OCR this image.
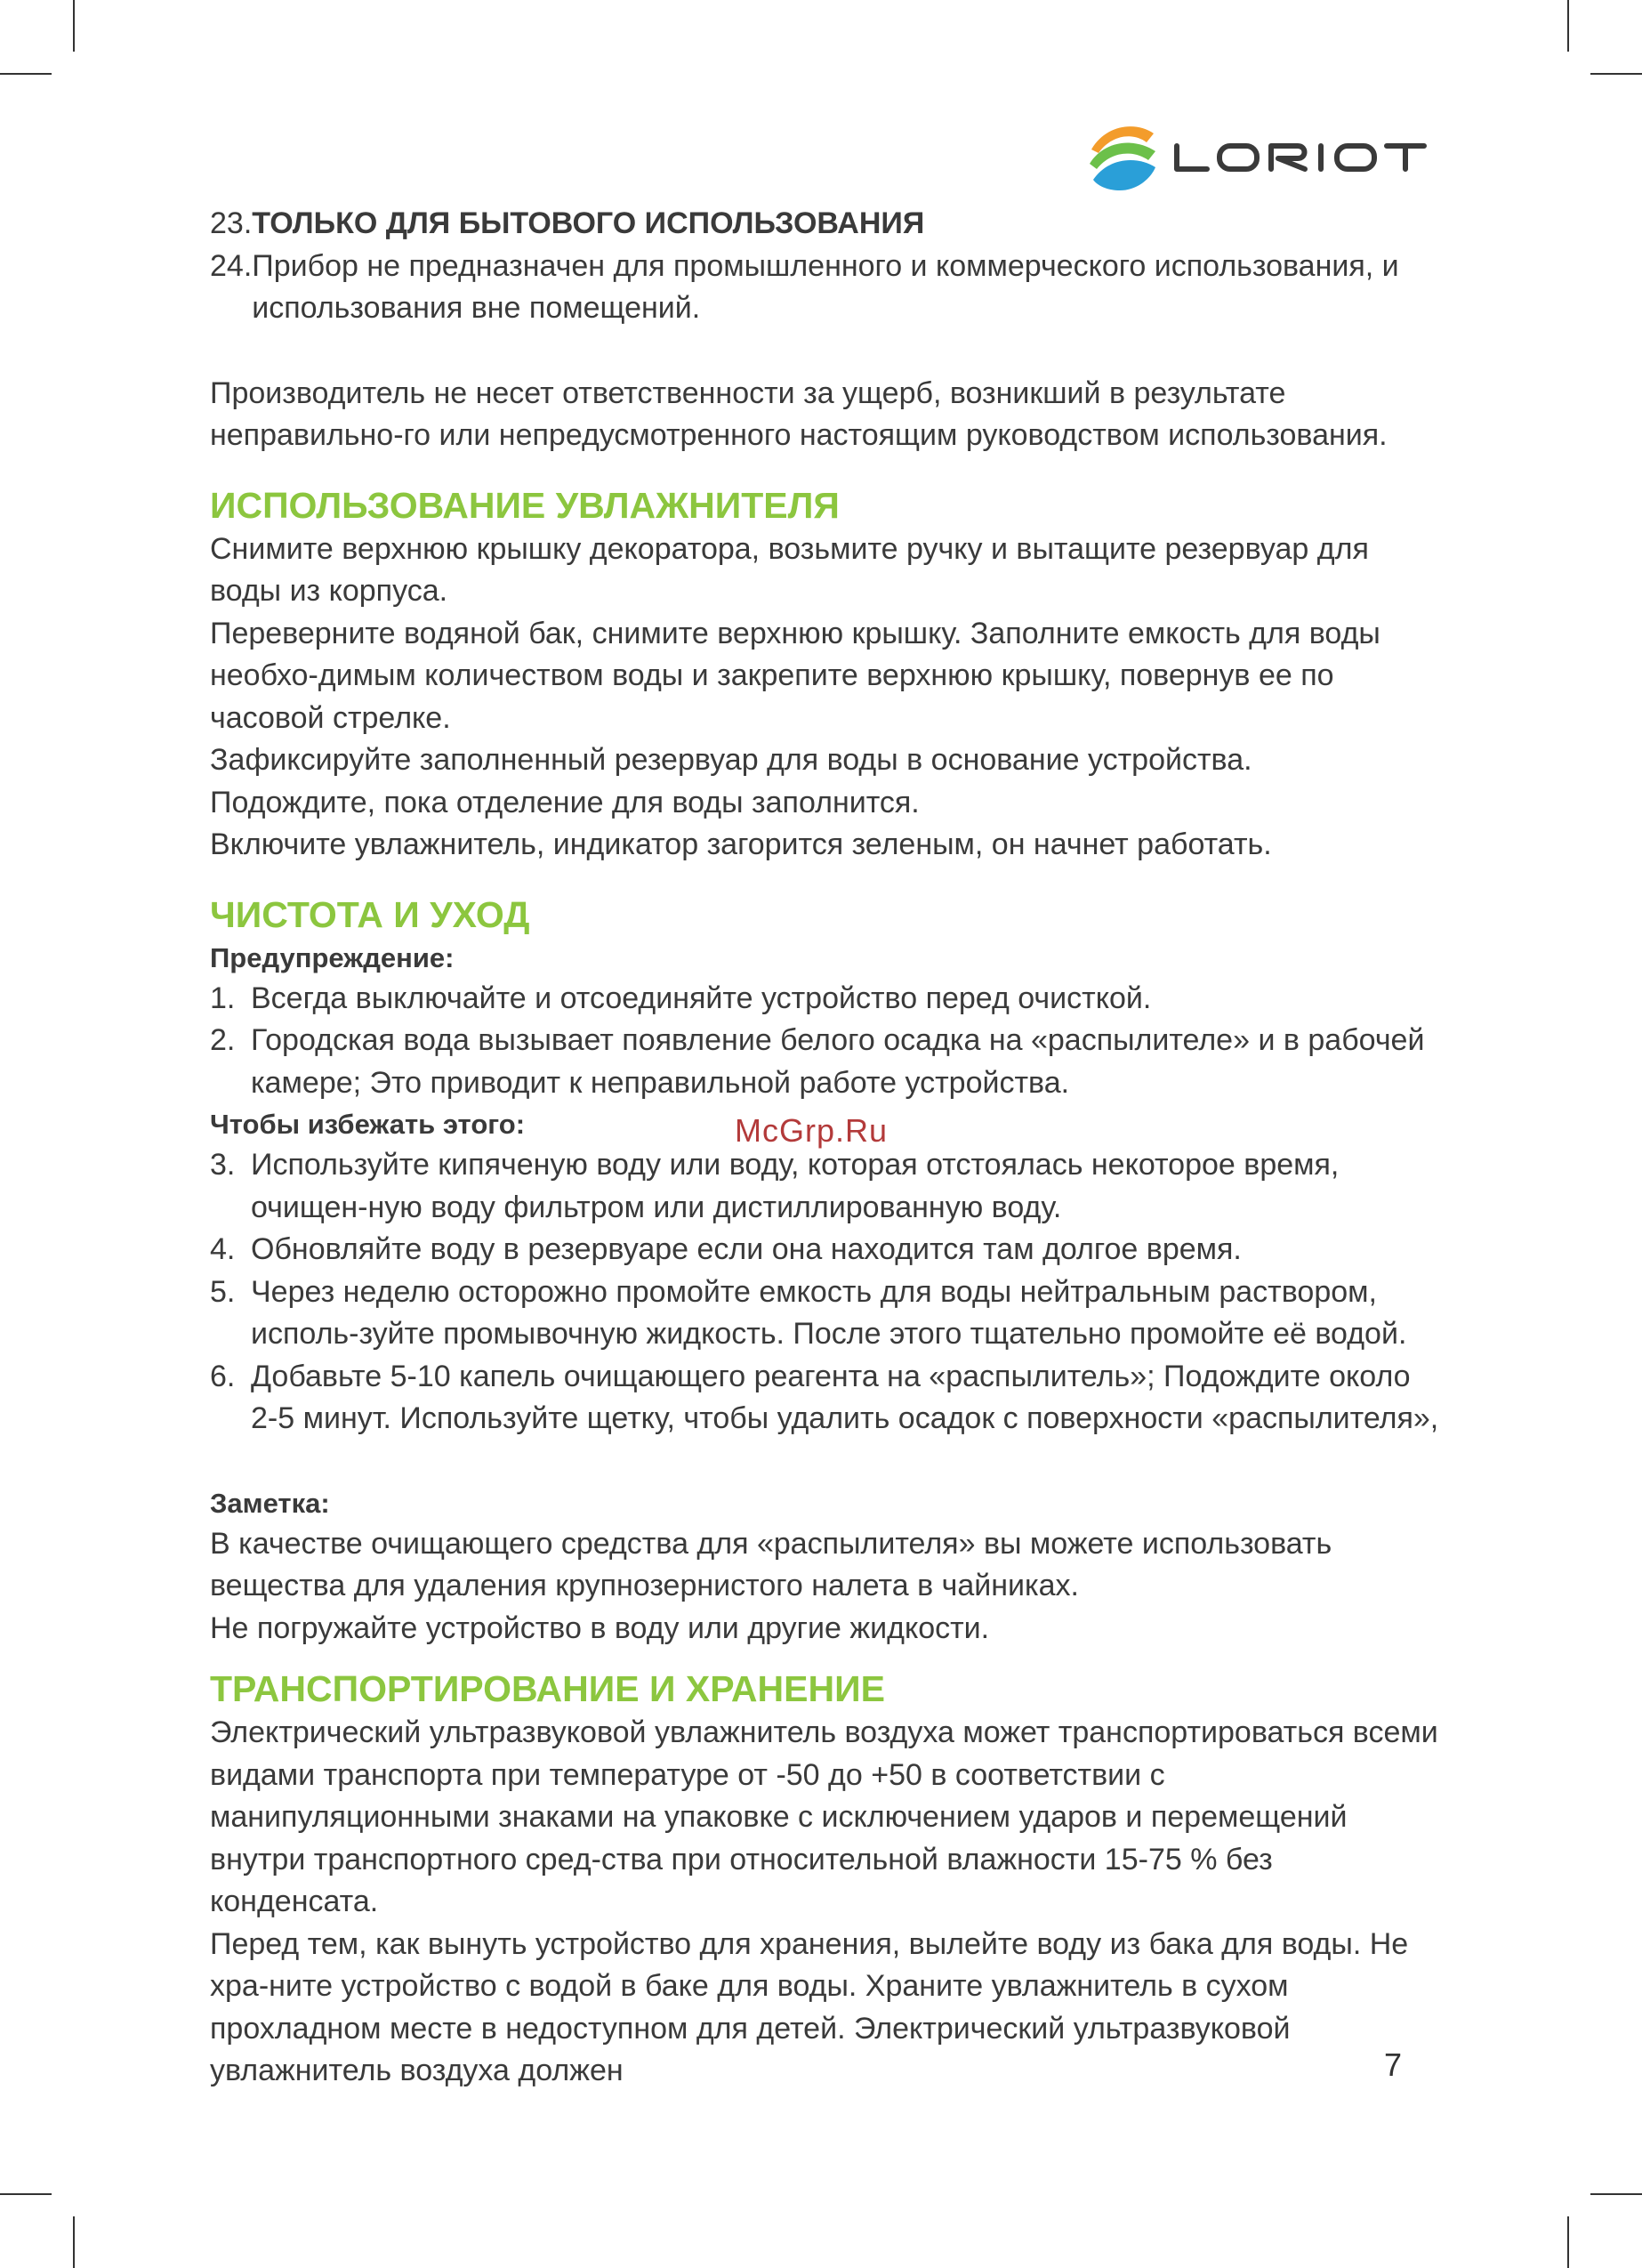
23. ТОЛЬКО ДЛЯ БЫТОВОГО ИСПОЛЬЗОВАНИЯ
24. Прибор не предназначен для промышленного и коммерческого использования, и использования вне помещений.

Производитель не несет ответственности за ущерб, возникший в результате неправильно-го или непредусмотренного настоящим руководством использования.

ИСПОЛЬЗОВАНИЕ УВЛАЖНИТЕЛЯ

Снимите верхнюю крышку декоратора, возьмите ручку и вытащите резервуар для воды из корпуса.

Переверните водяной бак, снимите верхнюю крышку. Заполните емкость для воды необхо-димым количеством воды и закрепите верхнюю крышку, повернув ее по часовой стрелке.

Зафиксируйте заполненный резервуар для воды в основание устройства.

Подождите, пока отделение для воды заполнится.

Включите увлажнитель, индикатор загорится зеленым, он начнет работать.

ЧИСТОТА И УХОД

Предупреждение:

1. Всегда выключайте и отсоединяйте устройство перед очисткой.
2. Городская вода вызывает появление белого осадка на «распылителе» и в рабочей камере; Это приводит к неправильной работе устройства.

Чтобы избежать этого:

3. Используйте кипяченую воду или воду, которая отстоялась некоторое время, очищен-ную воду фильтром или дистиллированную воду.
4. Обновляйте воду в резервуаре если она находится там долгое время.
5. Через неделю осторожно промойте емкость для воды нейтральным раствором, исполь-зуйте промывочную жидкость. После этого тщательно промойте её водой.
6. Добавьте 5-10 капель очищающего реагента на «распылитель»; Подождите около 2-5 минут. Используйте щетку, чтобы удалить осадок с поверхности «распылителя»,

Заметка:

В качестве очищающего средства для «распылителя» вы можете использовать вещества для удаления крупнозернистого налета в чайниках.

Не погружайте устройство в воду или другие жидкости.

ТРАНСПОРТИРОВАНИЕ И ХРАНЕНИЕ

Электрический ультразвуковой увлажнитель воздуха может транспортироваться всеми видами транспорта при температуре от -50 до +50 в соответствии с манипуляционными знаками на упаковке с исключением ударов и перемещений внутри транспортного сред-ства при относительной влажности 15-75 % без конденсата.

Перед тем, как вынуть устройство для хранения, вылейте воду из бака для воды. Не хра-ните устройство с водой в баке для воды. Храните увлажнитель в сухом прохладном месте в недоступном для детей. Электрический ультразвуковой увлажнитель воздуха должен

McGrp.Ru
7
